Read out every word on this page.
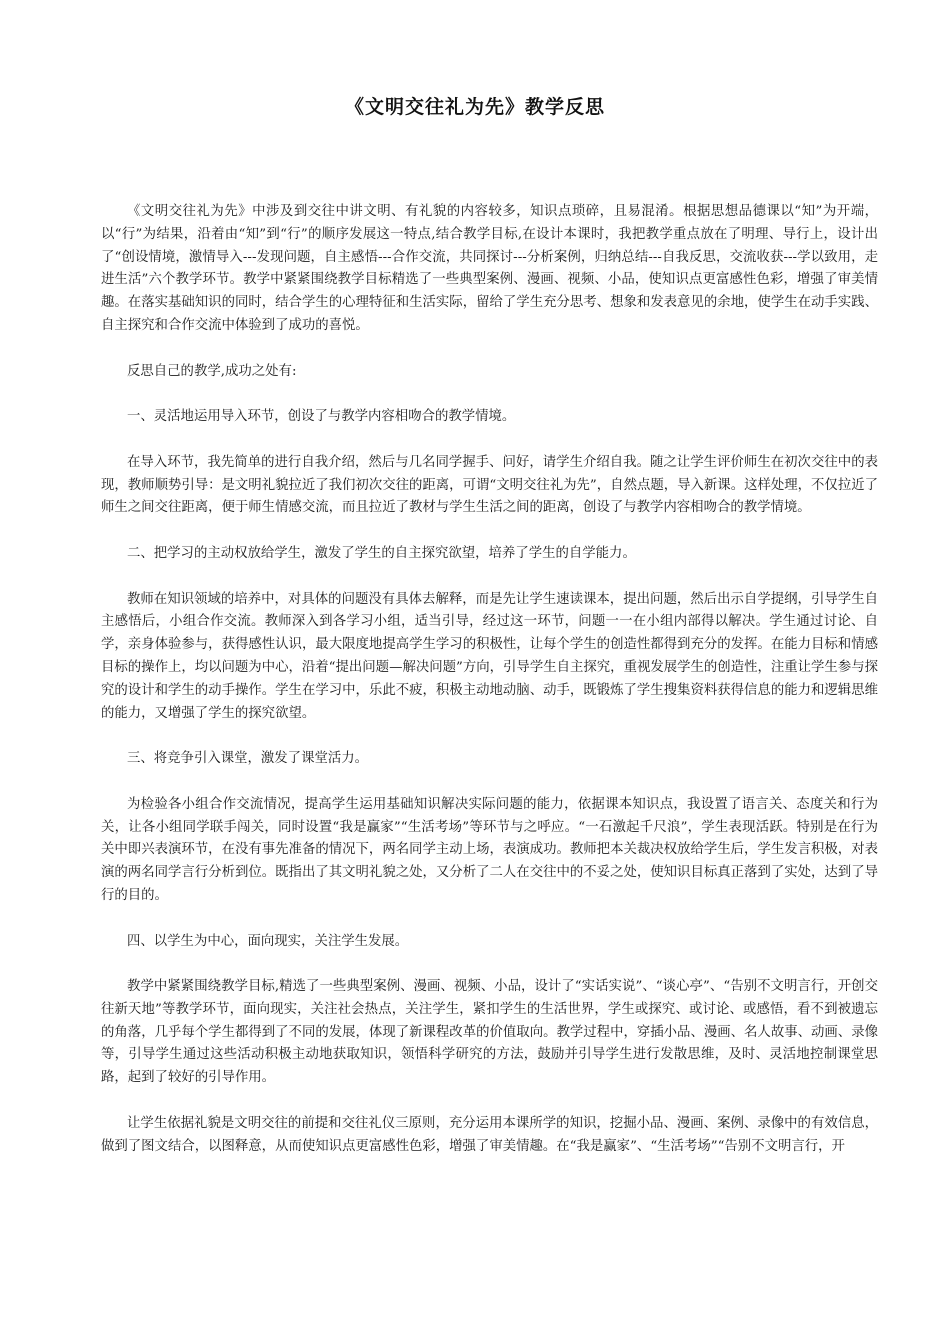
《文明交往礼为先》教学反思

《文明交往礼为先》中涉及到交往中讲文明、有礼貌的内容较多，知识点琐碎，且易混淆。根据思想品德课以“知”为开端，以“行”为结果，沿着由“知”到“行”的顺序发展这一特点,结合教学目标,在设计本课时，我把教学重点放在了明理、导行上，设计出了“创设情境，激情导入---发现问题，自主感悟---合作交流，共同探讨---分析案例，归纳总结---自我反思，交流收获---学以致用，走进生活”六个教学环节。教学中紧紧围绕教学目标精选了一些典型案例、漫画、视频、小品，使知识点更富感性色彩，增强了审美情趣。在落实基础知识的同时，结合学生的心理特征和生活实际，留给了学生充分思考、想象和发表意见的余地，使学生在动手实践、自主探究和合作交流中体验到了成功的喜悦。

反思自己的教学,成功之处有:

一、灵活地运用导入环节，创设了与教学内容相吻合的教学情境。

在导入环节，我先简单的进行自我介绍，然后与几名同学握手、问好，请学生介绍自我。随之让学生评价师生在初次交往中的表现，教师顺势引导：是文明礼貌拉近了我们初次交往的距离，可谓“文明交往礼为先”，自然点题，导入新课。这样处理，不仅拉近了师生之间交往距离，便于师生情感交流，而且拉近了教材与学生生活之间的距离，创设了与教学内容相吻合的教学情境。

二、把学习的主动权放给学生，激发了学生的自主探究欲望，培养了学生的自学能力。

教师在知识领域的培养中，对具体的问题没有具体去解释，而是先让学生速读课本，提出问题，然后出示自学提纲，引导学生自主感悟后，小组合作交流。教师深入到各学习小组，适当引导，经过这一环节，问题一一在小组内部得以解决。学生通过讨论、自学，亲身体验参与，获得感性认识，最大限度地提高学生学习的积极性，让每个学生的创造性都得到充分的发挥。在能力目标和情感目标的操作上，均以问题为中心，沿着“提出问题—解决问题”方向，引导学生自主探究，重视发展学生的创造性，注重让学生参与探究的设计和学生的动手操作。学生在学习中，乐此不疲，积极主动地动脑、动手，既锻炼了学生搜集资料获得信息的能力和逻辑思维的能力，又增强了学生的探究欲望。

三、将竞争引入课堂，激发了课堂活力。

为检验各小组合作交流情况，提高学生运用基础知识解决实际问题的能力，依据课本知识点，我设置了语言关、态度关和行为关，让各小组同学联手闯关，同时设置“我是赢家”“生活考场”等环节与之呼应。“一石激起千尺浪”，学生表现活跃。特别是在行为关中即兴表演环节，在没有事先准备的情况下，两名同学主动上场，表演成功。教师把本关裁决权放给学生后，学生发言积极，对表演的两名同学言行分析到位。既指出了其文明礼貌之处，又分析了二人在交往中的不妥之处，使知识目标真正落到了实处，达到了导行的目的。

四、以学生为中心，面向现实，关注学生发展。

教学中紧紧围绕教学目标,精选了一些典型案例、漫画、视频、小品，设计了“实话实说”、“谈心亭”、“告别不文明言行，开创交往新天地”等教学环节，面向现实，关注社会热点，关注学生，紧扣学生的生活世界，学生或探究、或讨论、或感悟，看不到被遗忘的角落，几乎每个学生都得到了不同的发展，体现了新课程改革的价值取向。教学过程中，穿插小品、漫画、名人故事、动画、录像等，引导学生通过这些活动积极主动地获取知识，领悟科学研究的方法，鼓励并引导学生进行发散思维，及时、灵活地控制课堂思路，起到了较好的引导作用。

让学生依据礼貌是文明交往的前提和交往礼仪三原则，充分运用本课所学的知识，挖掘小品、漫画、案例、录像中的有效信息，做到了图文结合，以图释意，从而使知识点更富感性色彩，增强了审美情趣。在“我是赢家”、“生活考场”“告别不文明言行，开
